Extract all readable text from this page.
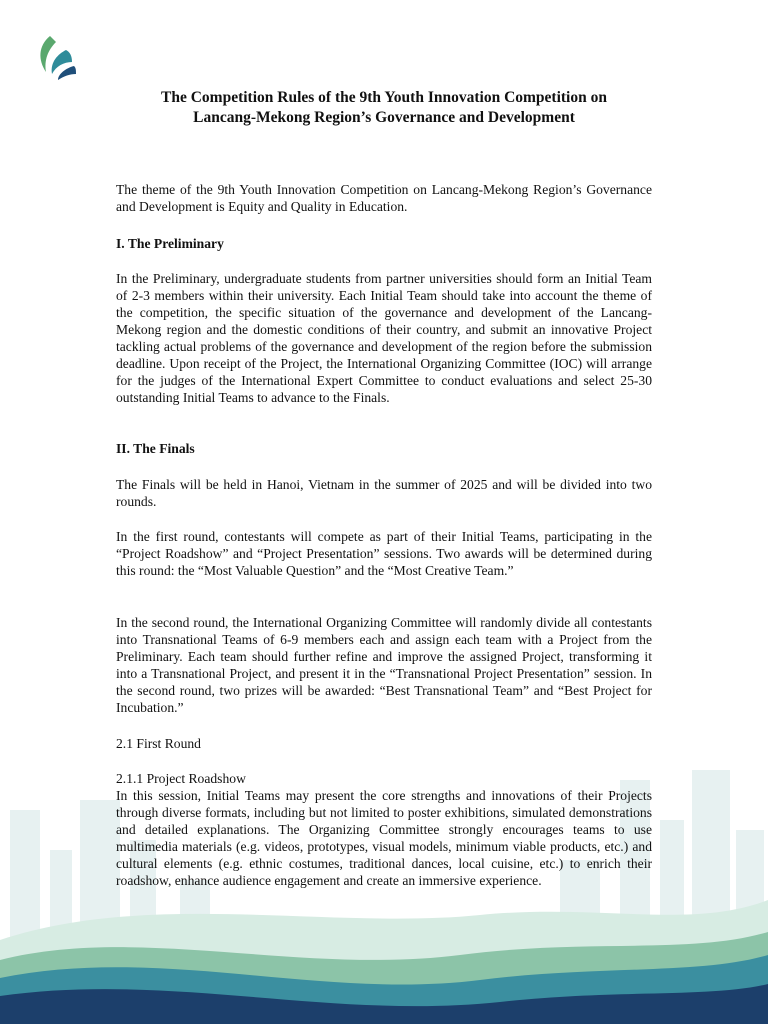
The Competition Rules of the 9th Youth Innovation Competition on
Lancang-Mekong Region’s Governance and Development
The theme of the 9th Youth Innovation Competition on Lancang-Mekong Region’s Governance and Development is Equity and Quality in Education.
I. The Preliminary
In the Preliminary, undergraduate students from partner universities should form an Initial Team of 2-3 members within their university. Each Initial Team should take into account the theme of the competition, the specific situation of the governance and development of the Lancang-Mekong region and the domestic conditions of their country, and submit an innovative Project tackling actual problems of the governance and development of the region before the submission deadline. Upon receipt of the Project, the International Organizing Committee (IOC) will arrange for the judges of the International Expert Committee to conduct evaluations and select 25-30 outstanding Initial Teams to advance to the Finals.
II. The Finals
The Finals will be held in Hanoi, Vietnam in the summer of 2025 and will be divided into two rounds.
In the first round, contestants will compete as part of their Initial Teams, participating in the “Project Roadshow” and “Project Presentation” sessions. Two awards will be determined during this round: the “Most Valuable Question” and the “Most Creative Team.”
In the second round, the International Organizing Committee will randomly divide all contestants into Transnational Teams of 6-9 members each and assign each team with a Project from the Preliminary. Each team should further refine and improve the assigned Project, transforming it into a Transnational Project, and present it in the “Transnational Project Presentation” session. In the second round, two prizes will be awarded: “Best Transnational Team” and “Best Project for Incubation.”
2.1 First Round
2.1.1 Project Roadshow
In this session, Initial Teams may present the core strengths and innovations of their Projects through diverse formats, including but not limited to poster exhibitions, simulated demonstrations and detailed explanations. The Organizing Committee strongly encourages teams to use multimedia materials (e.g. videos, prototypes, visual models, minimum viable products, etc.) and cultural elements (e.g. ethnic costumes, traditional dances, local cuisine, etc.) to enrich their roadshow, enhance audience engagement and create an immersive experience.
